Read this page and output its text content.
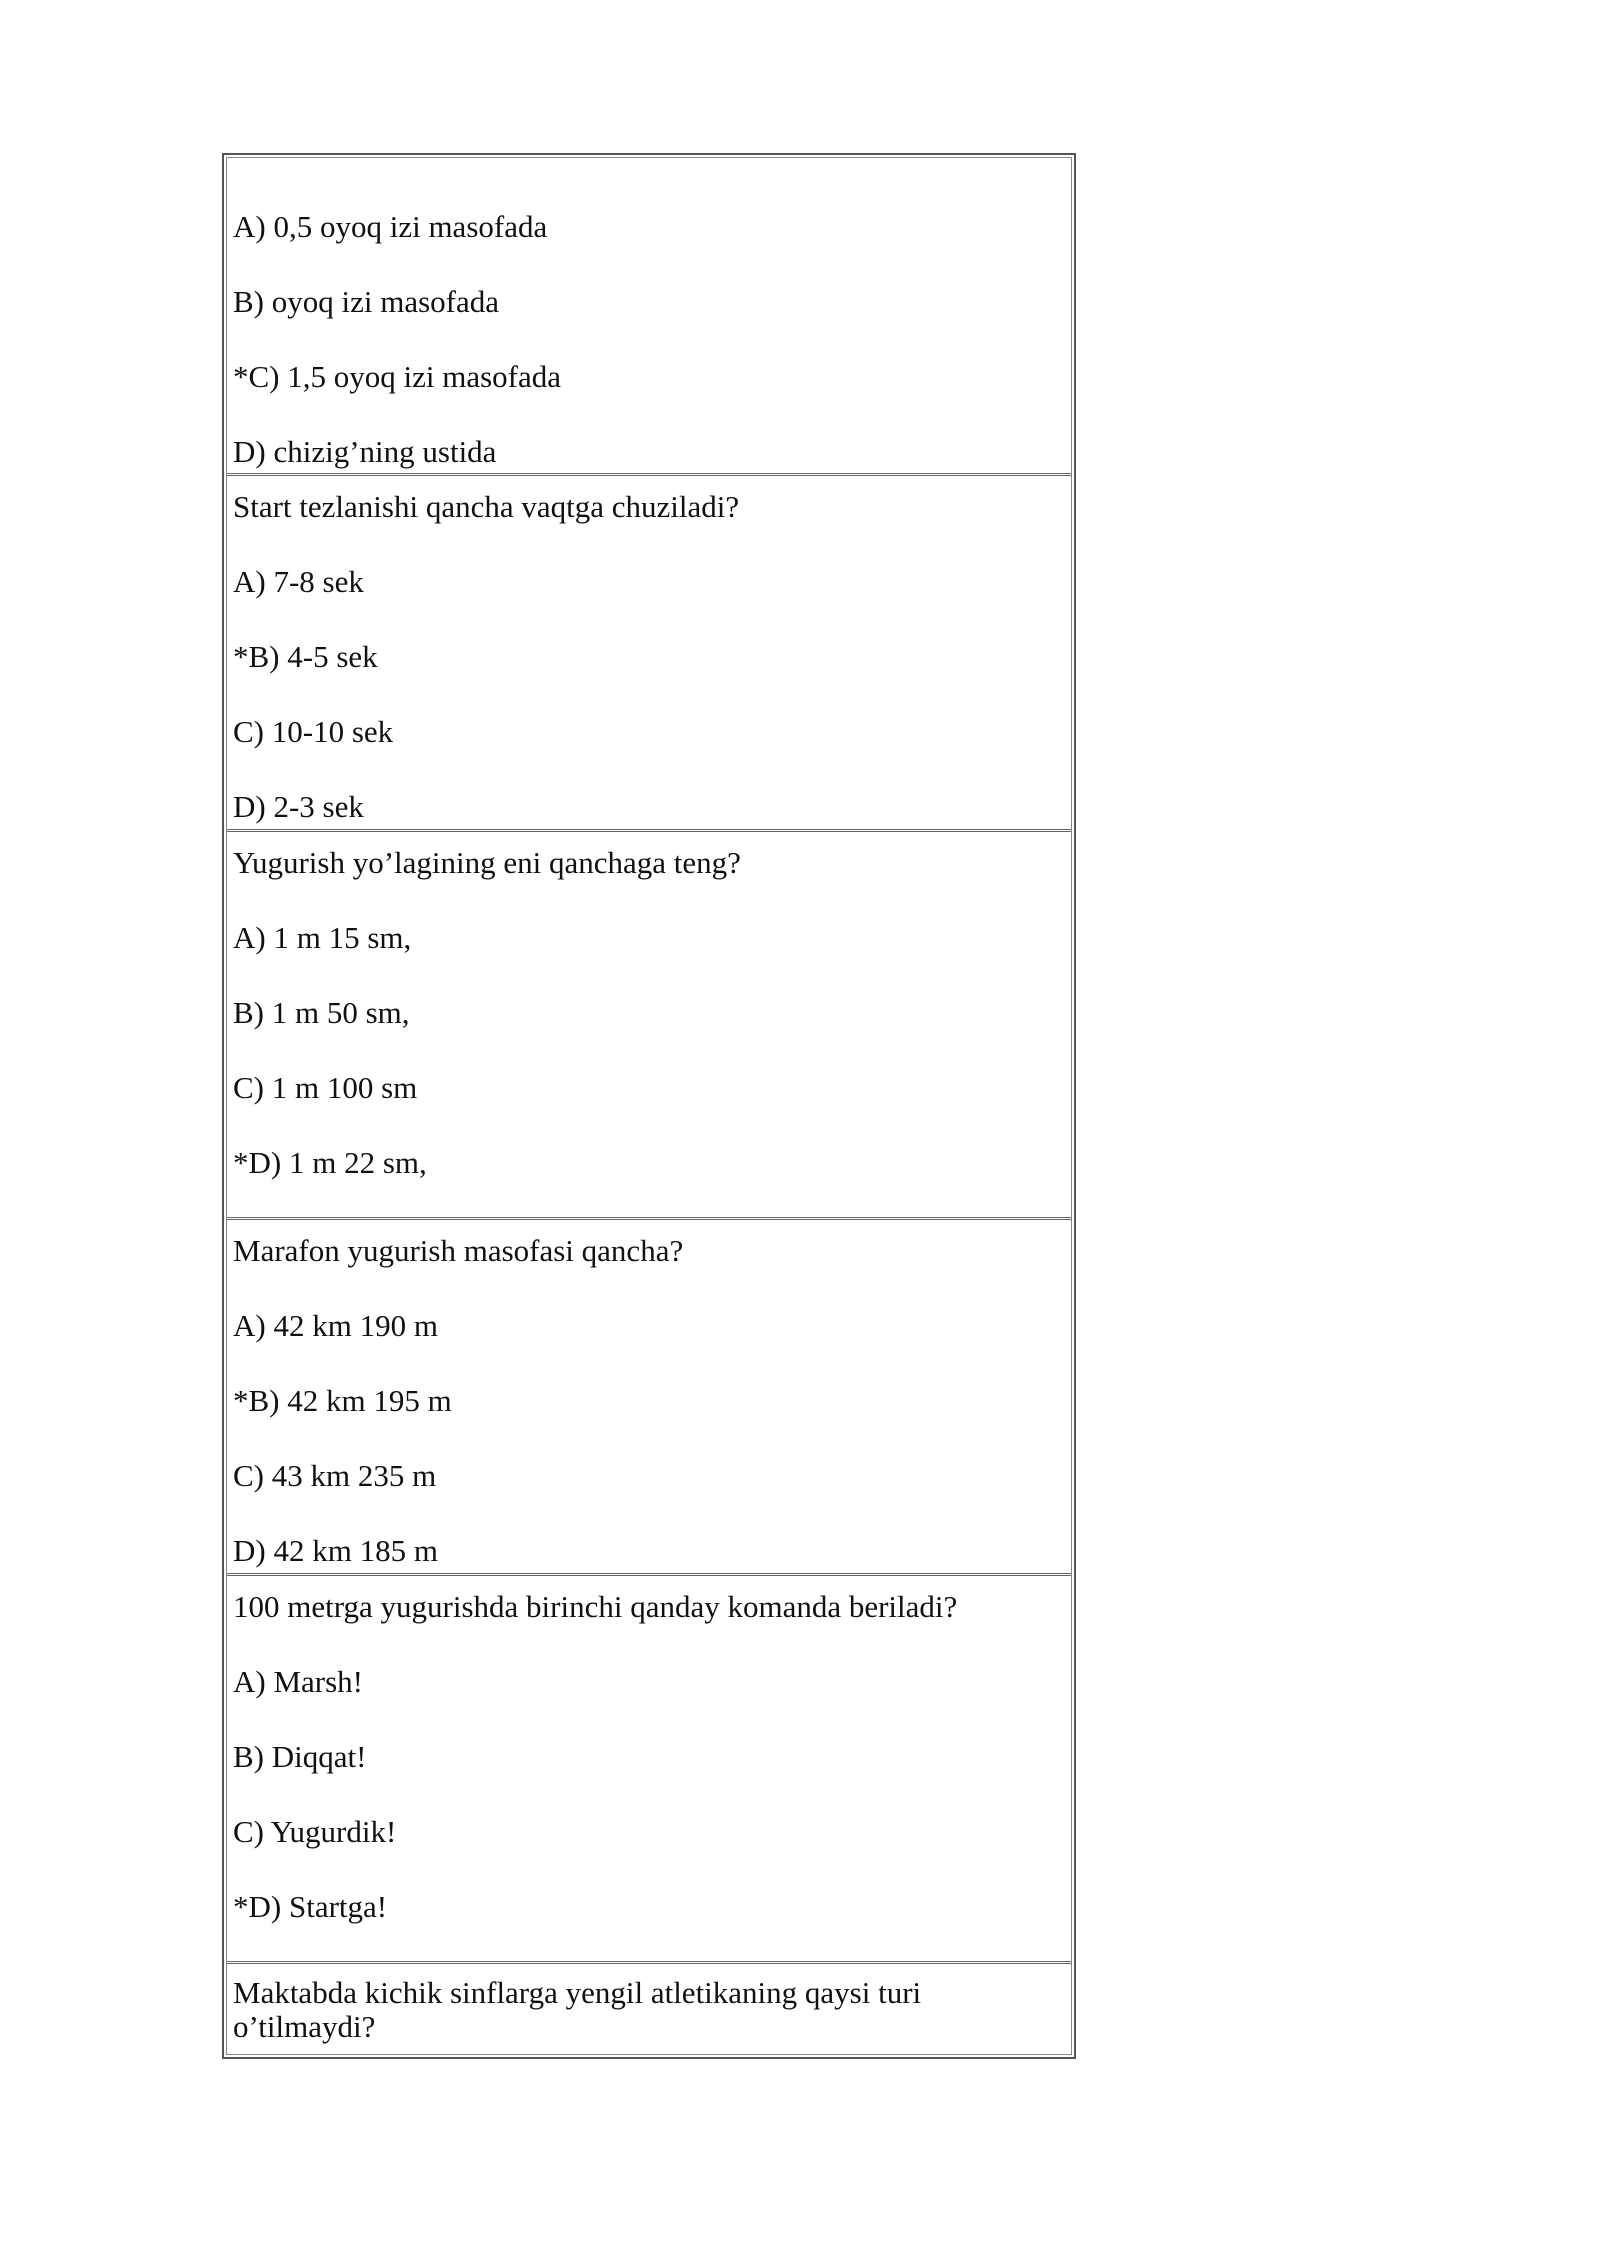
A) 0,5 oyoq izi masofada

B) oyoq izi masofada

*C) 1,5 oyoq izi masofada

D) chizig’ning ustida

Start tezlanishi qancha vaqtga chuziladi?

A) 7-8 sek

*B) 4-5 sek

C) 10-10 sek

D) 2-3 sek

Yugurish yo’lagining eni qanchaga teng?

A) 1 m 15 sm,

B) 1 m 50 sm,

C) 1 m 100 sm

*D) 1 m 22 sm,

Marafon yugurish masofasi qancha?

A) 42 km 190 m

*B) 42 km 195 m

C) 43 km 235 m

D) 42 km 185 m

100 metrga yugurishda birinchi qanday komanda beriladi?

A) Marsh!

B) Diqqat!

C) Yugurdik!

*D) Startga!

Maktabda kichik sinflarga yengil atletikaning qaysi turi o’tilmaydi?
